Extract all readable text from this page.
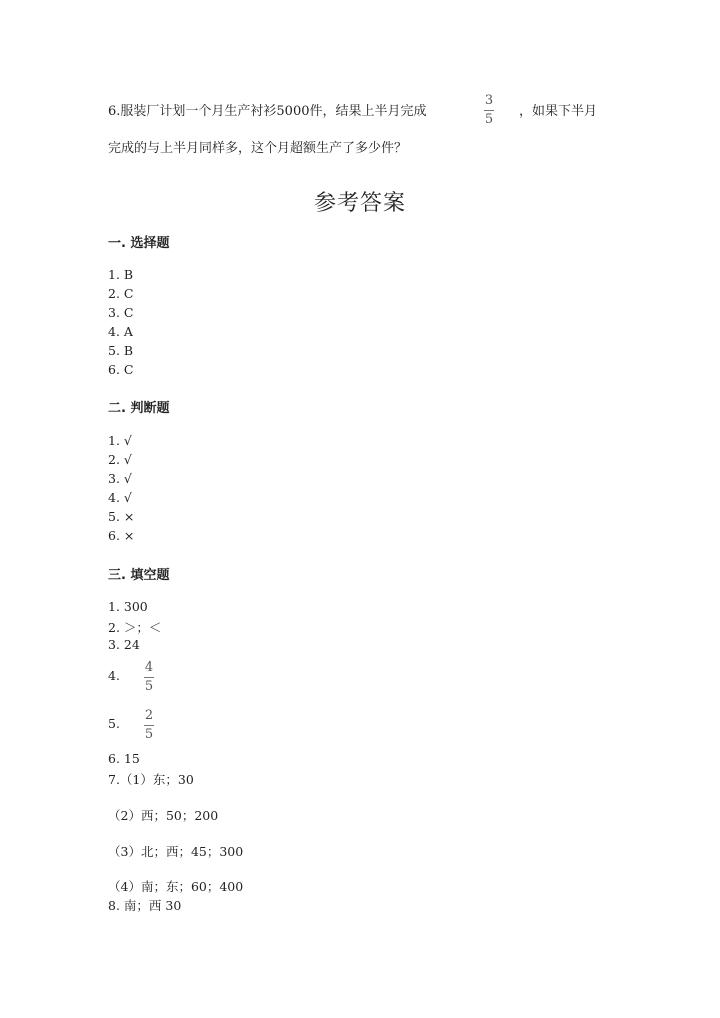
6.服装厂计划一个月生产衬衫5000件，结果上半月完成
3
5
，如果下半月
完成的与上半月同样多，这个月超额生产了多少件？
参考答案
一. 选择题
1. B
2. C
3. C
4. A
5. B
6. C
二. 判断题
1. √
2. √
3. √
4. √
5. ×
6. ×
三. 填空题
1. 300
2. ＞；＜
3. 24
4.
4
5
5.
2
5
6. 15
7.（1）东；30
（2）西；50；200
（3）北；西；45；300
（4）南；东；60；400
8. 南；西 30
